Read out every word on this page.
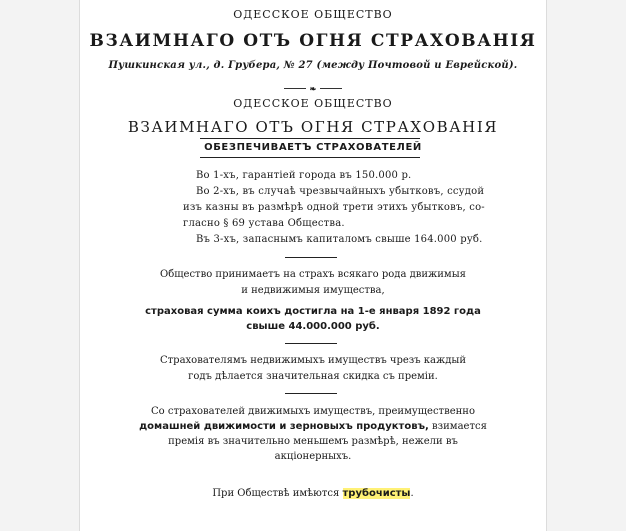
ОДЕССКОЕ ОБЩЕСТВО
ВЗАИМНАГО ОТЪ ОГНЯ СТРАХОВАНІЯ
Пушкинская ул., д. Грубера, № 27 (между Почтовой и Еврейской).
❧
ОДЕССКОЕ ОБЩЕСТВО
ВЗАИМНАГО ОТЪ ОГНЯ СТРАХОВАНІЯ
ОБЕЗПЕЧИВАЕТЪ СТРАХОВАТЕЛЕЙ
Во 1-хъ, гарантіей города въ 150.000 р.
Во 2-хъ, въ случаѣ чрезвычайныхъ убытковъ, ссудой
изъ казны въ размѣрѣ одной трети этихъ убытковъ, со-
гласно § 69 устава Общества.
Въ 3-хъ, запаснымъ капиталомъ свыше 164.000 руб.
Общество принимаетъ на страхъ всякаго рода движимыя
и недвижимыя имущества,
страховая сумма коихъ достигла на 1-е января 1892 года
свыше 44.000.000 руб.
Страхователямъ недвижимыхъ имуществъ чрезъ каждый
годъ дѣлается значительная скидка съ преміи.
Со страхователей движимыхъ имуществъ, преимущественно
домашней движимости и зерновыхъ продуктовъ, взимается
премія въ значительно меньшемъ размѣрѣ, нежели въ
акціонерныхъ.
При Обществѣ имѣются трубочисты.
